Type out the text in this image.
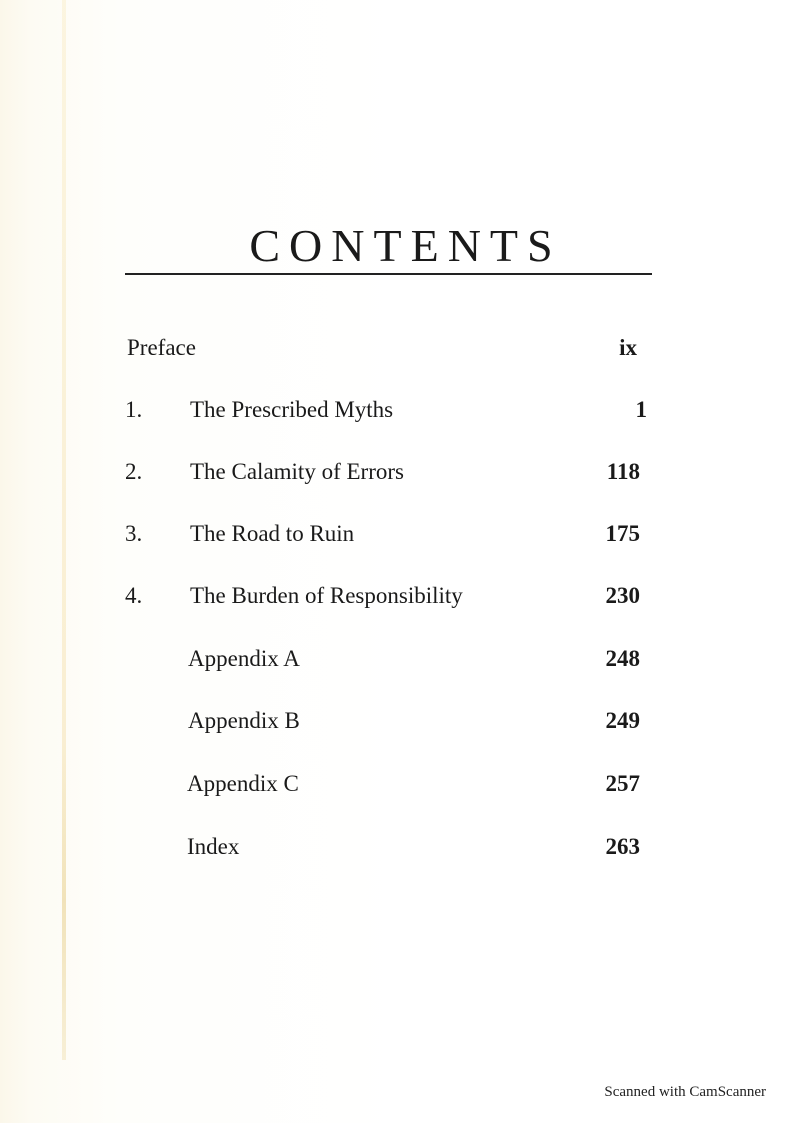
CONTENTS
Preface	ix
1. The Prescribed Myths	1
2. The Calamity of Errors	118
3. The Road to Ruin	175
4. The Burden of Responsibility	230
Appendix A	248
Appendix B	249
Appendix C	257
Index	263
Scanned with CamScanner
